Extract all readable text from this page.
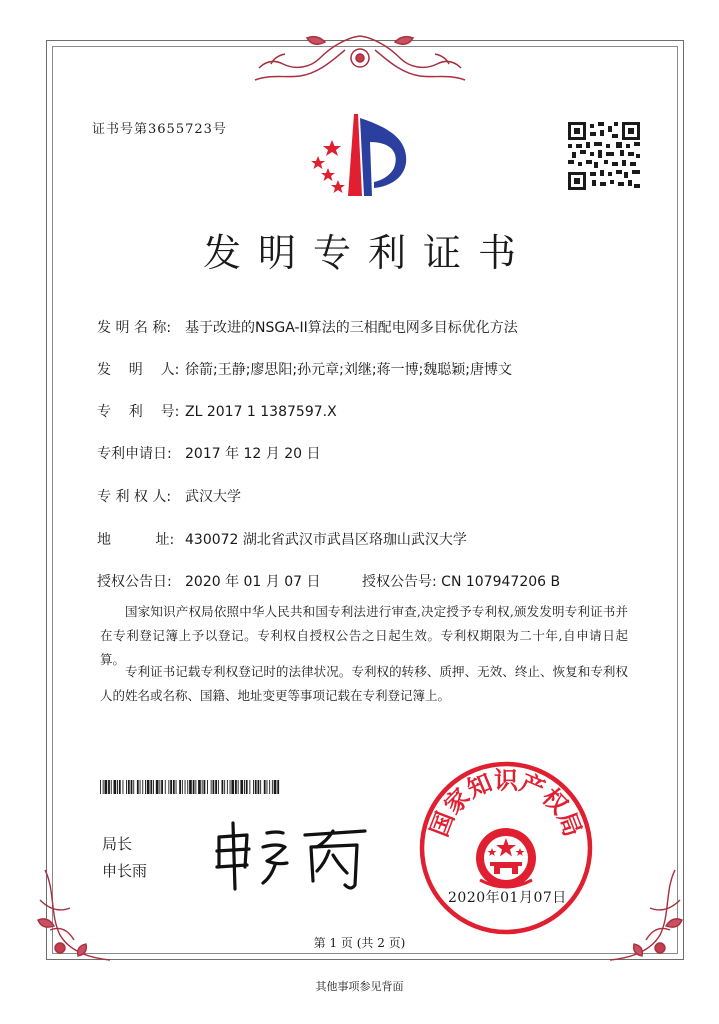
证书号第3655723号
发明专利证书
发 明 名 称: 基于改进的NSGA-II算法的三相配电网多目标优化方法
发    明    人: 徐箭;王静;廖思阳;孙元章;刘继;蒋一博;魏聪颖;唐博文
专    利    号: ZL 2017 1 1387597.X
专利申请日: 2017 年 12 月 20 日
专 利 权 人: 武汉大学
地          址: 430072 湖北省武汉市武昌区珞珈山武汉大学
授权公告日: 2020 年 01 月 07 日	授权公告号: CN 107947206 B

国家知识产权局依照中华人民共和国专利法进行审查,决定授予专利权,颁发发明专利证书并在专利登记簿上予以登记。专利权自授权公告之日起生效。专利权期限为二十年,自申请日起算。

专利证书记载专利权登记时的法律状况。专利权的转移、质押、无效、终止、恢复和专利权人的姓名或名称、国籍、地址变更等事项记载在专利登记簿上。

局长
申长雨
国家知识产权局
2020年01月07日
第 1 页 (共 2 页)
其他事项参见背面
